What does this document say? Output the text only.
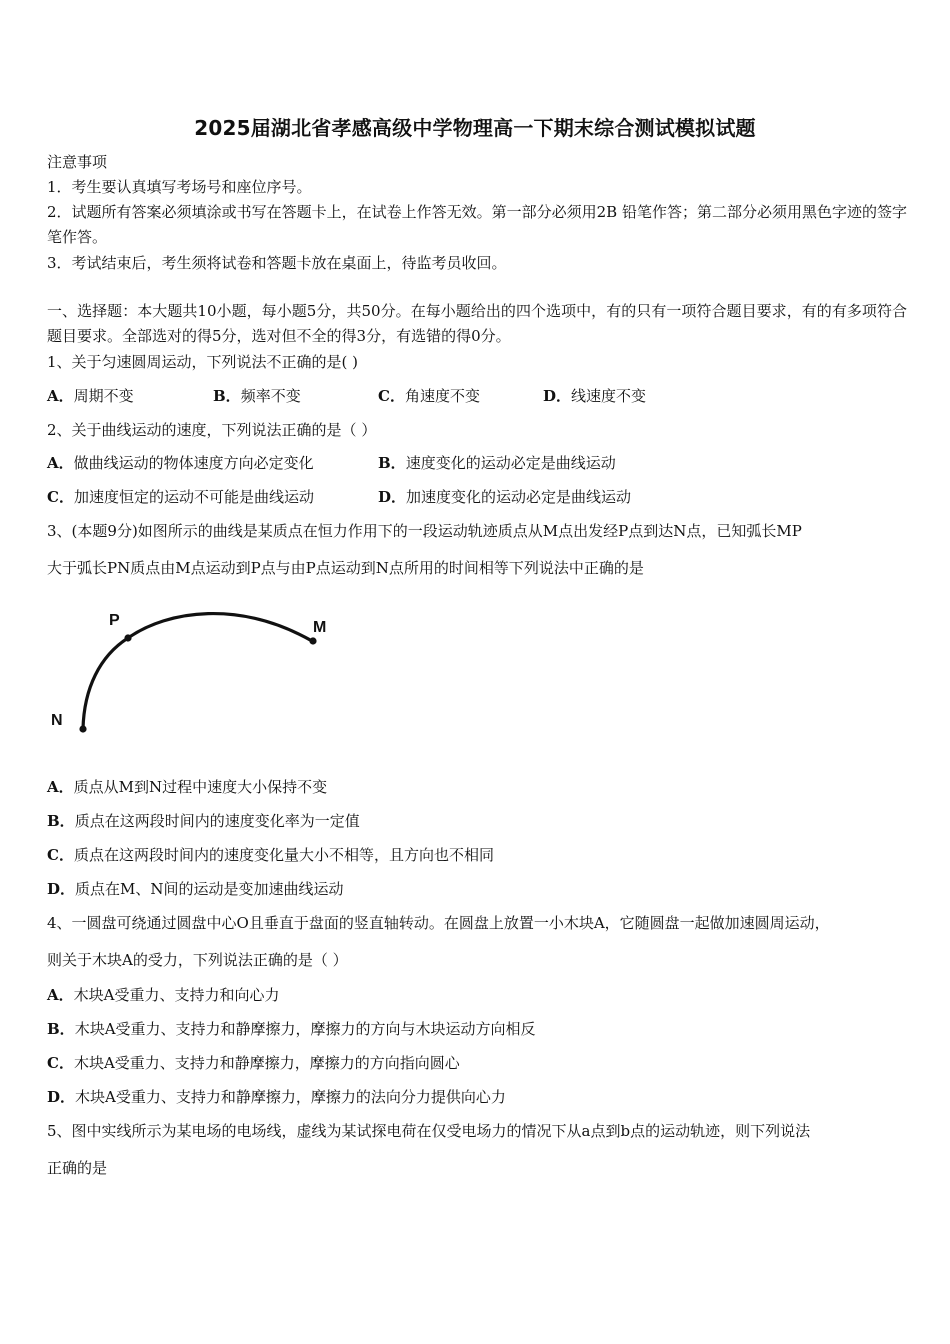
2025届湖北省孝感高级中学物理高一下期末综合测试模拟试题
注意事项
1．考生要认真填写考场号和座位序号。
2．试题所有答案必须填涂或书写在答题卡上，在试卷上作答无效。第一部分必须用2B 铅笔作答；第二部分必须用黑色字迹的签字笔作答。
3．考试结束后，考生须将试卷和答题卡放在桌面上，待监考员收回。
一、选择题：本大题共10小题，每小题5分，共50分。在每小题给出的四个选项中，有的只有一项符合题目要求，有的有多项符合题目要求。全部选对的得5分，选对但不全的得3分，有选错的得0分。
1、关于匀速圆周运动，下列说法不正确的是( )
A．周期不变	B．频率不变	C．角速度不变	D．线速度不变
2、关于曲线运动的速度，下列说法正确的是（ ）
A．做曲线运动的物体速度方向必定变化	B．速度变化的运动必定是曲线运动
C．加速度恒定的运动不可能是曲线运动	D．加速度变化的运动必定是曲线运动
3、(本题9分)如图所示的曲线是某质点在恒力作用下的一段运动轨迹质点从M点出发经P点到达N点，已知弧长MP
大于弧长PN质点由M点运动到P点与由P点运动到N点所用的时间相等下列说法中正确的是
P	M
N
A．质点从M到N过程中速度大小保持不变
B．质点在这两段时间内的速度变化率为一定值
C．质点在这两段时间内的速度变化量大小不相等，且方向也不相同
D．质点在M、N间的运动是变加速曲线运动
4、一圆盘可绕通过圆盘中心O且垂直于盘面的竖直轴转动。在圆盘上放置一小木块A，它随圆盘一起做加速圆周运动，
则关于木块A的受力，下列说法正确的是（ ）
A．木块A受重力、支持力和向心力
B．木块A受重力、支持力和静摩擦力，摩擦力的方向与木块运动方向相反
C．木块A受重力、支持力和静摩擦力，摩擦力的方向指向圆心
D．木块A受重力、支持力和静摩擦力，摩擦力的法向分力提供向心力
5、图中实线所示为某电场的电场线，虚线为某试探电荷在仅受电场力的情况下从a点到b点的运动轨迹，则下列说法
正确的是
